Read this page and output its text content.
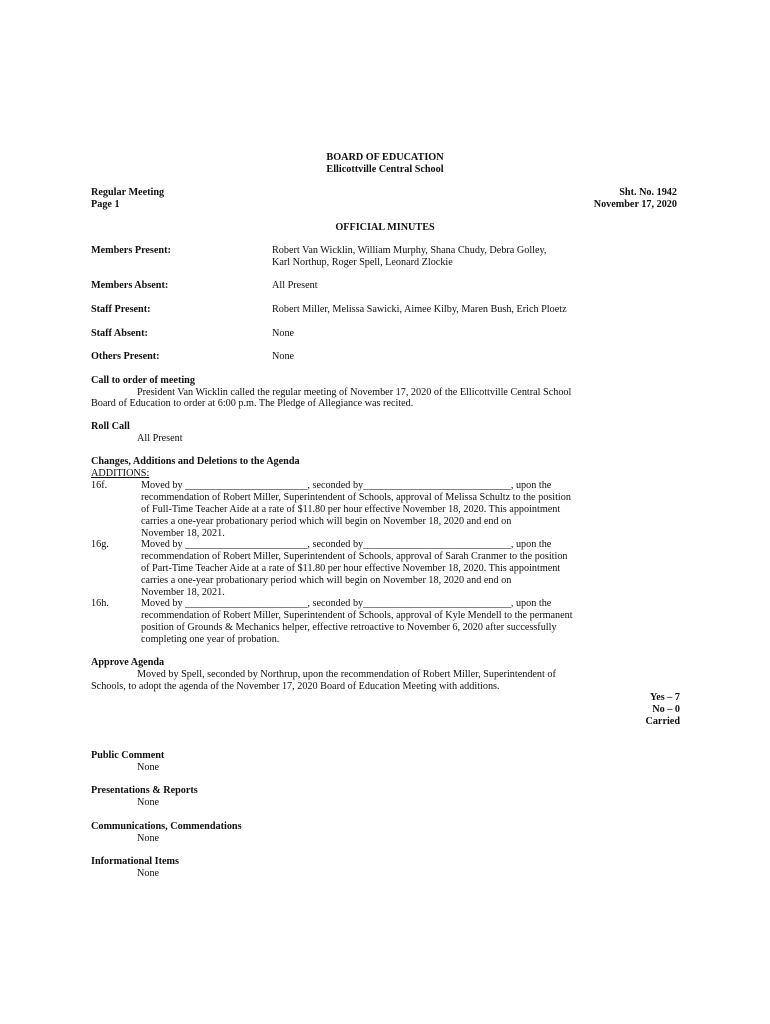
BOARD OF EDUCATION
Ellicottville Central School
Regular Meeting
Page 1
Sht. No. 1942
November 17, 2020
OFFICIAL MINUTES
Members Present:	Robert Van Wicklin, William Murphy, Shana Chudy, Debra Golley,
Karl Northup, Roger Spell, Leonard Zlockie
Members Absent:	All Present
Staff Present:	Robert Miller, Melissa Sawicki, Aimee Kilby, Maren Bush, Erich Ploetz
Staff Absent:	None
Others Present:	None
Call to order of meeting
President Van Wicklin called the regular meeting of November 17, 2020 of the Ellicottville Central School
Board of Education to order at 6:00 p.m. The Pledge of Allegiance was recited.
Roll Call
All Present
Changes, Additions and Deletions to the Agenda
ADDITIONS:
16f.	Moved by ________________________, seconded by_____________________________, upon the
recommendation of Robert Miller, Superintendent of Schools, approval of Melissa Schultz to the position
of Full-Time Teacher Aide at a rate of $11.80 per hour effective November 18, 2020. This appointment
carries a one-year probationary period which will begin on November 18, 2020 and end on
November 18, 2021.
16g.	Moved by ________________________, seconded by_____________________________, upon the
recommendation of Robert Miller, Superintendent of Schools, approval of Sarah Cranmer to the position
of Part-Time Teacher Aide at a rate of $11.80 per hour effective November 18, 2020. This appointment
carries a one-year probationary period which will begin on November 18, 2020 and end on
November 18, 2021.
16h.	Moved by ________________________, seconded by_____________________________, upon the
recommendation of Robert Miller, Superintendent of Schools, approval of Kyle Mendell to the permanent
position of Grounds & Mechanics helper, effective retroactive to November 6, 2020 after successfully
completing one year of probation.
Approve Agenda
Moved by Spell, seconded by Northrup, upon the recommendation of Robert Miller, Superintendent of
Schools, to adopt the agenda of the November 17, 2020 Board of Education Meeting with additions.
Yes – 7
No – 0
Carried
Public Comment
None
Presentations & Reports
None
Communications, Commendations
None
Informational Items
None
